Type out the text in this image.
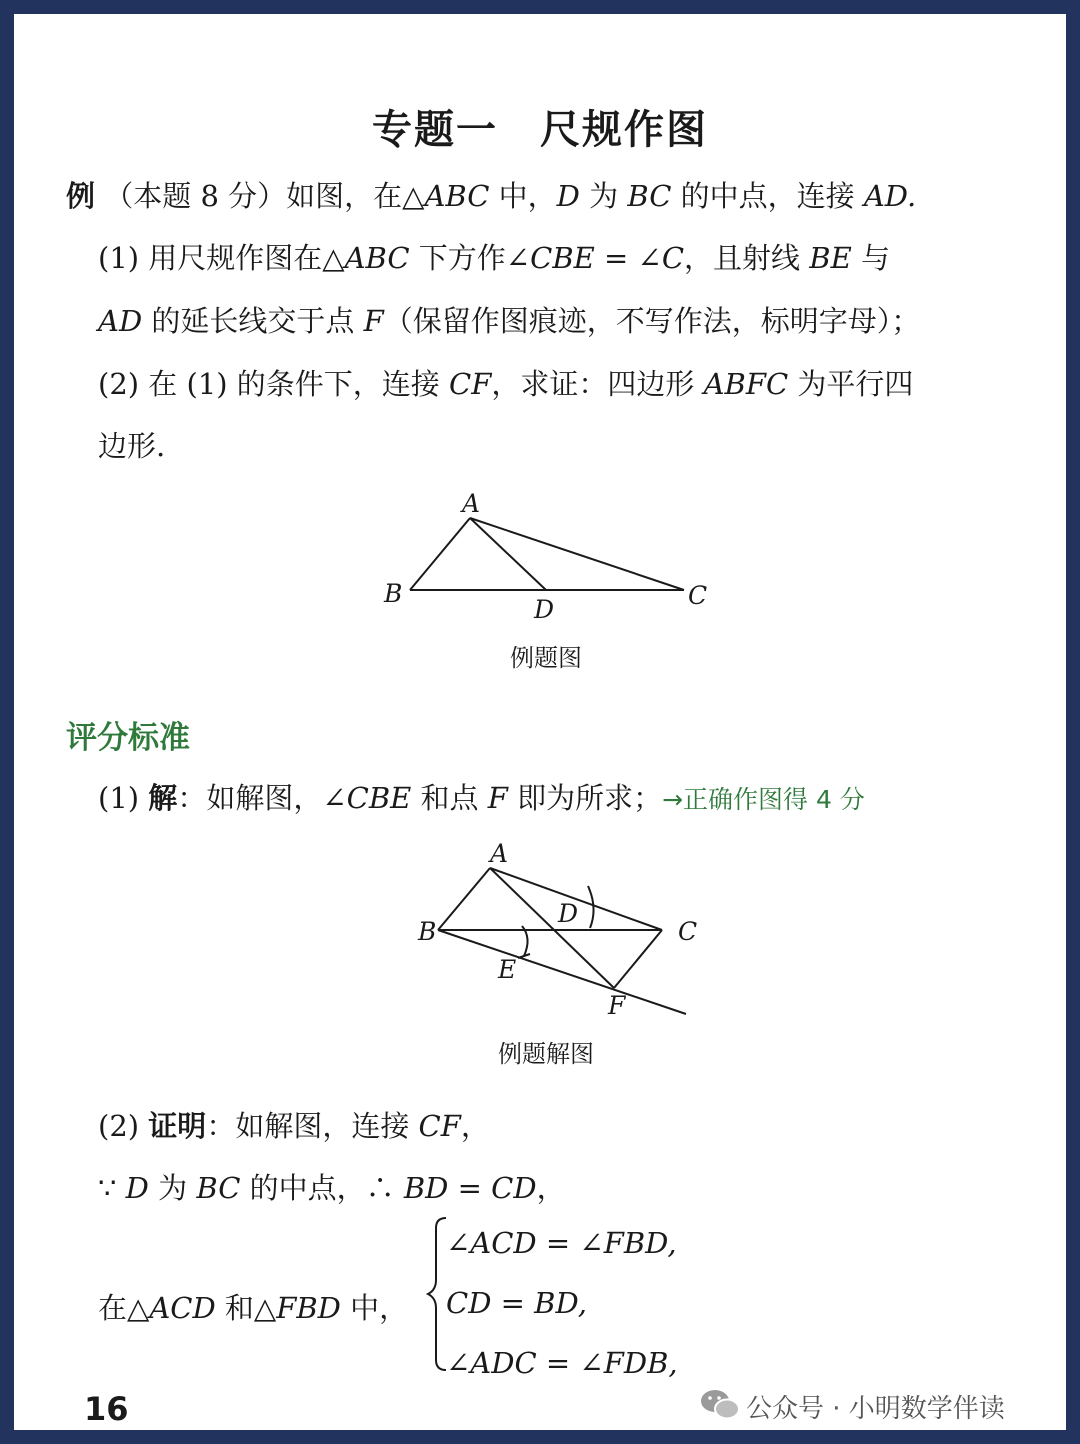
专题一　尺规作图
例 （本题 8 分）如图，在△ABC 中，D 为 BC 的中点，连接 AD.
(1) 用尺规作图在△ABC 下方作∠CBE = ∠C，且射线 BE 与
AD 的延长线交于点 F（保留作图痕迹，不写作法，标明字母）；
(2) 在 (1) 的条件下，连接 CF，求证：四边形 ABFC 为平行四
边形.
A
B	C
D
例题图
评分标准
(1) 解：如解图，∠CBE 和点 F 即为所求；→正确作图得 4 分
A
B	C
D
E
F
例题解图
(2) 证明：如解图，连接 CF，
∵ D 为 BC 的中点，∴ BD = CD，
在△ACD 和△FBD 中，
∠ACD = ∠FBD,
CD = BD,
∠ADC = ∠FDB,
16	公众号 · 小明数学伴读
